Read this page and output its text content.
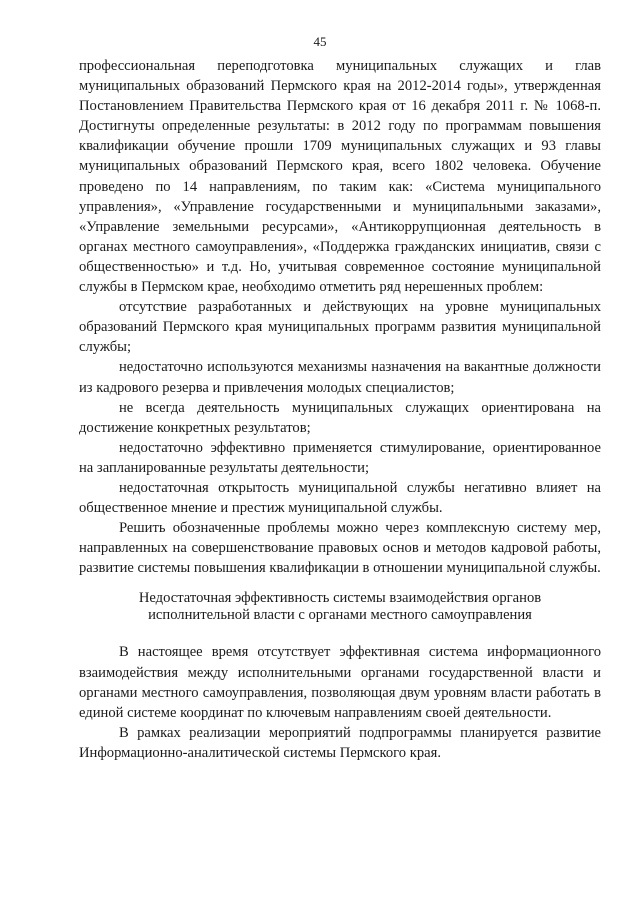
45

профессиональная переподготовка муниципальных служащих и глав муниципальных образований Пермского края на 2012-2014 годы», утвержденная Постановлением Правительства Пермского края от 16 декабря 2011 г. № 1068-п. Достигнуты определенные результаты: в 2012 году по программам повышения квалификации обучение прошли 1709 муниципальных служащих и 93 главы муниципальных образований Пермского края, всего 1802 человека. Обучение проведено по 14 направлениям, по таким как: «Система муниципального управления», «Управление государственными и муниципальными заказами», «Управление земельными ресурсами», «Антикоррупционная деятельность в органах местного самоуправления», «Поддержка гражданских инициатив, связи с общественностью» и т.д. Но, учитывая современное состояние муниципальной службы в Пермском крае, необходимо отметить ряд нерешенных проблем:

отсутствие разработанных и действующих на уровне муниципальных образований Пермского края муниципальных программ развития муниципальной службы;

недостаточно используются механизмы назначения на вакантные должности из кадрового резерва и привлечения молодых специалистов;

не всегда деятельность муниципальных служащих ориентирована на достижение конкретных результатов;

недостаточно эффективно применяется стимулирование, ориентированное на запланированные результаты деятельности;

недостаточная открытость муниципальной службы негативно влияет на общественное мнение и престиж муниципальной службы.

Решить обозначенные проблемы можно через комплексную систему мер, направленных на совершенствование правовых основ и методов кадровой работы, развитие системы повышения квалификации в отношении муниципальной службы.

Недостаточная эффективность системы взаимодействия органов
исполнительной власти с органами местного самоуправления

В настоящее время отсутствует эффективная система информационного взаимодействия между исполнительными органами государственной власти и органами местного самоуправления, позволяющая двум уровням власти работать в единой системе координат по ключевым направлениям своей деятельности.

В рамках реализации мероприятий подпрограммы планируется развитие Информационно-аналитической системы Пермского края.
